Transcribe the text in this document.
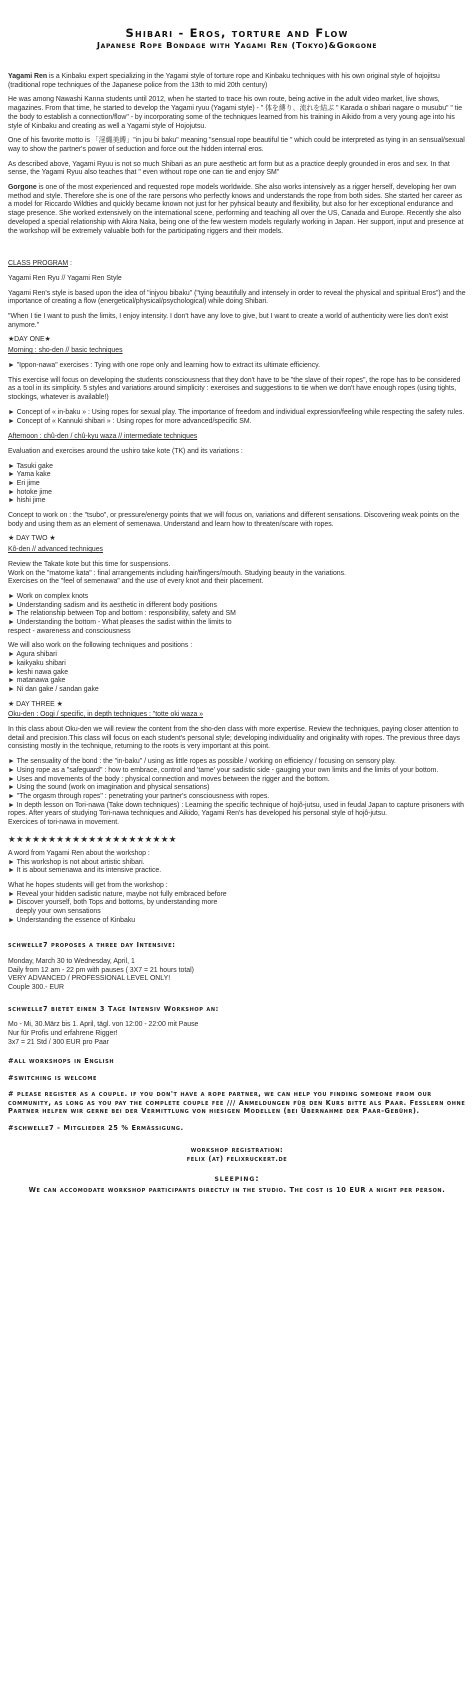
Shibari - Eros, torture and Flow
Japanese Rope Bondage with Yagami Ren (Tokyo)&Gorgone

Yagami Ren is a Kinbaku expert specializing in the Yagami style of torture rope and Kinbaku techniques with his own original style of hojojitsu (traditional rope techniques of the Japanese police from the 13th to mid 20th century)

He was among Nawashi Kanna students until 2012, when he started to trace his own route, being active in the adult video market, live shows, magazines. From that time, he started to develop the Yagami ryuu (Yagami style) - " 体を縛り、流れを結ぶ " Karada o shibari nagare o musubu" " tie the body to establish a connection/flow" - by incorporating some of the techniques learned from his training in Aikido from a very young age into his style of Kinbaku and creating as well a Yagami style of Hojojutsu.

One of his favorite motto is 「淫縄美縛」"in jou bi baku" meaning "sensual rope beautiful tie " which could be interpreted as tying in an sensual/sexual way to show the partner's power of seduction and force out the hidden internal eros.

As described above, Yagami Ryuu is not so much Shibari as an pure aesthetic art form but as a practice deeply grounded in eros and sex. In that sense, the Yagami Ryuu also teaches that " even without rope one can tie and enjoy SM"

Gorgone is one of the most experienced and requested rope models worldwide. She also works intensively as a rigger herself, developing her own method and style. Therefore she is one of the rare persons who perfectly knows and understands the rope from both sides. She started her career as a model for Riccardo Wildties and quickly became known not just for her pyhsical beauty and flexibility, but also for her exceptional endurance and stage presence. She worked extensively on the international scene, performing and teaching all over the US, Canada and Europe. Recently she also developed a special relationship with Akira Naka, being one of the few western models regularly working in Japan. Her support, input and presence at the workshop will be extremely valuable both for the participating riggers and their models.

CLASS PROGRAM :

Yagami Ren Ryu // Yagami Ren Style

Yagami Ren's style is based upon the idea of "injyou bibaku" ("tying beautifully and intensely in order to reveal the physical and spiritual Eros") and the importance of creating a flow (energetical/physical/psychological) while doing Shibari.

"When I tie I want to push the limits, I enjoy intensity. I don't have any love to give, but I want to create a world of authenticity were lies don't exist anymore."

★DAY ONE★

Morning : sho-den // basic techniques

► "Ippon-nawa" exercises : Tying with one rope only and learning how to extract its ultimate efficiency.

This exercise will focus on developing the students consciousness that they don't have to be "the slave of their ropes", the rope has to be considered as a tool in its simplicity. 5 styles and variations around simplicity : exercises and suggestions to tie when we don't have enough ropes (using tights, stockings, whatever is available!)

► Concept of « in-baku » : Using ropes for sexual play. The importance of freedom and individual expression/feeling while respecting the safety rules.

► Concept of « Kannuki shibari » : Using ropes for more advanced/specific SM.

Afternoon : chû-den / chû-kyu waza // intermediate techniques

Evaluation and exercises around the ushiro take kote (TK) and its variations :

► Tasuki gake
► Yama kake
► Eri jime
► hotoke jime
► hishi jime

Concept to work on : the "tsubo", or pressure/energy points that we will focus on, variations and different sensations. Discovering weak points on the body and using them as an element of semenawa. Understand and learn how to threaten/scare with ropes.

★ DAY TWO ★

Kô-den // advanced techniques

Review the Takate kote but this time for suspensions.
Work on the "matome kata" : final arrangements including hair/fingers/mouth. Studying beauty in the variations.
Exercises on the "feel of semenawa" and the use of every knot and their placement.
► Work on complex knots
► Understanding sadism and its aesthetic in different body positions
► The relationship between Top and bottom : responsibility, safety and SM
► Understanding the bottom - What pleases the sadist within the limits to
respect - awareness and consciousness

We will also work on the following techniques and positions :

► Agura shibari
► kaikyaku shibari
► keshi nawa gake
► matanawa gake
► Ni dan gake / sandan gake

★ DAY THREE ★

Oku-den : Oogi / specific, in depth techniques : "totte oki waza »

In this class about Oku-den we will review the content from the sho-den class with more expertise. Review the techniques, paying closer attention to detail and precision.This class will focus on each student's personal style; developing individuality and originality with ropes. The previous three days consisting mostly in the technique, returning to the roots is very important at this point.

► The sensuality of the bond : the "in-baku" / using as little ropes as possible / working on efficiency / focusing on sensory play.
► Using rope as a "safeguard" : how to embrace, control and 'tame' your sadistic side - gauging your own limits and the limits of your bottom.
► Uses and movements of the body : physical connection and moves between the rigger and the bottom.
► Using the sound (work on imagination and physical sensations)
► "The orgasm through ropes" : penetrating your partner's consciousness with ropes.
► In depth lesson on Tori-nawa (Take down techniques) : Learning the specific technique of hojô-jutsu, used in feudal Japan to capture prisoners with ropes. After years of studying Tori-nawa techniques and Aikido, Yagami Ren's has developed his personal style of hojô-jutsu.
Exercices of tori-nawa in movement.
★★★★★★★★★★★★★★★★★★★★★

A word from Yagami Ren about the workshop :

► This workshop is not about artistic shibari.
► It is about semenawa and its intensive practice.

What he hopes students will get from the workshop :

► Reveal your hidden sadistic nature, maybe not fully embraced before
► Discover yourself, both Tops and bottoms, by understanding more
deeply your own sensations
► Understanding the essence of Kinbaku

schwelle7 proposes a three day Intensive:

Monday, March 30 to Wednesday, April, 1
Daily from 12 am - 22 pm with pauses ( 3X7 = 21 hours total)
VERY ADVANCED / PROFESSIONAL LEVEL ONLY!
Couple 300.- EUR

schwelle7 bietet einen 3 Tage Intensiv Workshop an:

Mo - Mi, 30.März bis 1. April, tägl. von 12:00 - 22:00 mit Pause
Nur für Profis und erfahrene Rigger!
3x7 = 21 Std / 300 EUR pro Paar

#all workshops in English

#switching is welcome

# please register as a couple. if you don't have a rope partner, we can help you finding someone from our community, as long as you pay the complete couple fee /// Anmeldungen für den Kurs bitte als Paar. Fesslern ohne Partner helfen wir gerne bei der Vermittlung von hiesigen Modellen (bei Übernahme der Paar-Gebühr).

#schwelle7 - Mitglieder 25 % Ermässigung.

workshop registration:

felix (at) felixruckert.de

sleeping:

We can accomodate workshop participants directly in the studio. The cost is 10 EUR a night per person.
